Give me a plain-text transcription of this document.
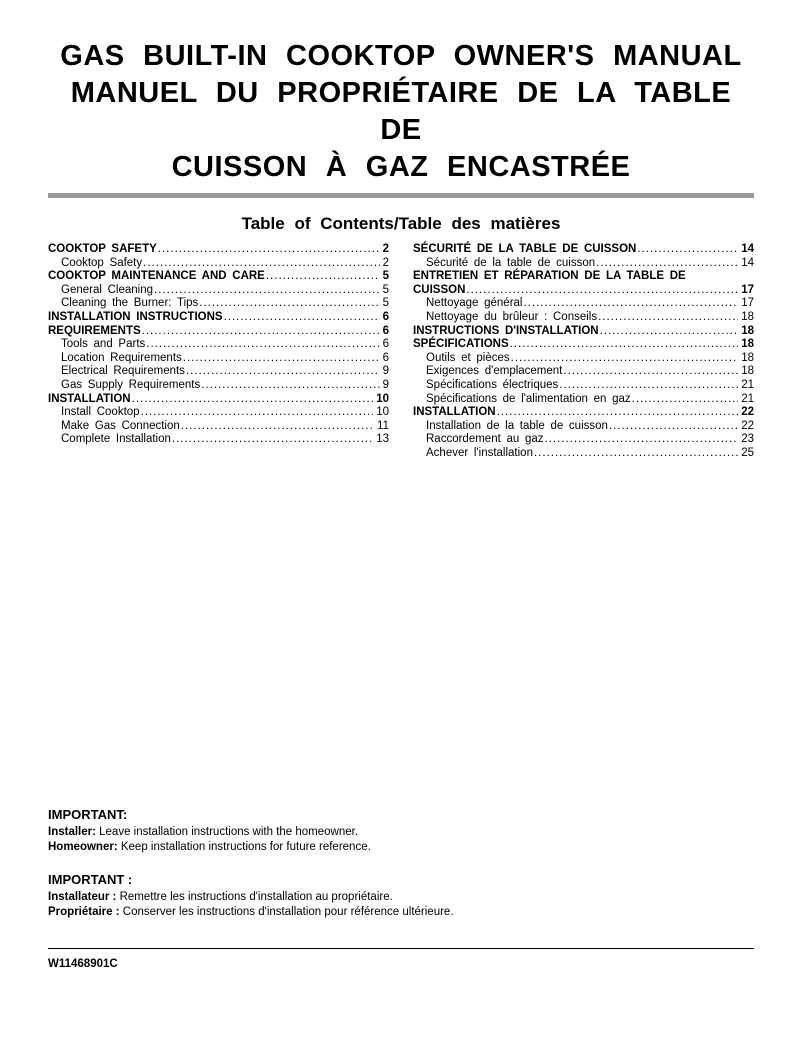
GAS BUILT-IN COOKTOP OWNER'S MANUAL
MANUEL DU PROPRIÉTAIRE DE LA TABLE DE
CUISSON À GAZ ENCASTRÉE
Table of Contents/Table des matières
COOKTOP SAFETY .....	2
Cooktop Safety .....	2
COOKTOP MAINTENANCE AND CARE .....	5
General Cleaning .....	5
Cleaning the Burner: Tips .....	5
INSTALLATION INSTRUCTIONS .....	6
REQUIREMENTS .....	6
Tools and Parts .....	6
Location Requirements .....	6
Electrical Requirements .....	9
Gas Supply Requirements .....	9
INSTALLATION .....	10
Install Cooktop .....	10
Make Gas Connection .....	11
Complete Installation .....	13
SÉCURITÉ DE LA TABLE DE CUISSON .....	14
Sécurité de la table de cuisson .....	14
ENTRETIEN ET RÉPARATION DE LA TABLE DE
CUISSON .....	17
Nettoyage général .....	17
Nettoyage du brûleur : Conseils .....	18
INSTRUCTIONS D'INSTALLATION .....	18
SPÉCIFICATIONS .....	18
Outils et pièces .....	18
Exigences d'emplacement .....	18
Spécifications électriques .....	21
Spécifications de l'alimentation en gaz .....	21
INSTALLATION .....	22
Installation de la table de cuisson .....	22
Raccordement au gaz .....	23
Achever l'installation .....	25
IMPORTANT:
Installer: Leave installation instructions with the homeowner.
Homeowner: Keep installation instructions for future reference.
IMPORTANT :
Installateur : Remettre les instructions d'installation au propriétaire.
Propriétaire : Conserver les instructions d'installation pour référence ultérieure.
W11468901C
